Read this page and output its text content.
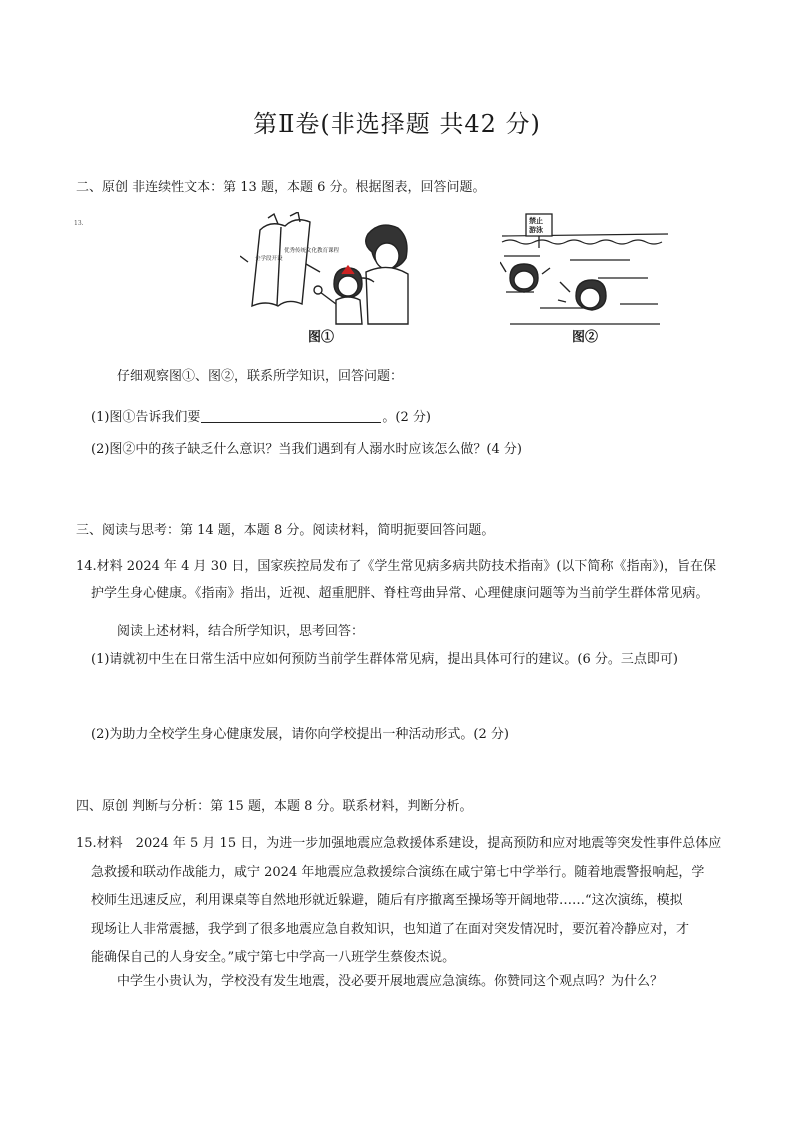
第Ⅱ卷(非选择题 共42 分)
二、原创 非连续性文本：第 13 题，本题 6 分。根据图表，回答问题。
13.
全学段开设
优秀传统文化教育课程
图①
禁止
游泳
图②
仔细观察图①、图②，联系所学知识，回答问题：
(1)图①告诉我们要	。(2 分)
(2)图②中的孩子缺乏什么意识？当我们遇到有人溺水时应该怎么做？(4 分)
三、阅读与思考：第 14 题，本题 8 分。阅读材料，简明扼要回答问题。
14.材料 2024 年 4 月 30 日，国家疾控局发布了《学生常见病多病共防技术指南》(以下简称《指南》)，旨在保
护学生身心健康。《指南》指出，近视、超重肥胖、脊柱弯曲异常、心理健康问题等为当前学生群体常见病。
阅读上述材料，结合所学知识，思考回答：
(1)请就初中生在日常生活中应如何预防当前学生群体常见病，提出具体可行的建议。(6 分。三点即可)
(2)为助力全校学生身心健康发展，请你向学校提出一种活动形式。(2 分)
四、原创 判断与分析：第 15 题，本题 8 分。联系材料，判断分析。
15.材料　2024 年 5 月 15 日，为进一步加强地震应急救援体系建设，提高预防和应对地震等突发性事件总体应
急救援和联动作战能力，咸宁 2024 年地震应急救援综合演练在咸宁第七中学举行。随着地震警报响起，学
校师生迅速反应，利用课桌等自然地形就近躲避，随后有序撤离至操场等开阔地带……“这次演练，模拟
现场让人非常震撼，我学到了很多地震应急自救知识，也知道了在面对突发情况时，要沉着冷静应对，才
能确保自己的人身安全。”咸宁第七中学高一八班学生蔡俊杰说。
中学生小贵认为，学校没有发生地震，没必要开展地震应急演练。你赞同这个观点吗？为什么？
